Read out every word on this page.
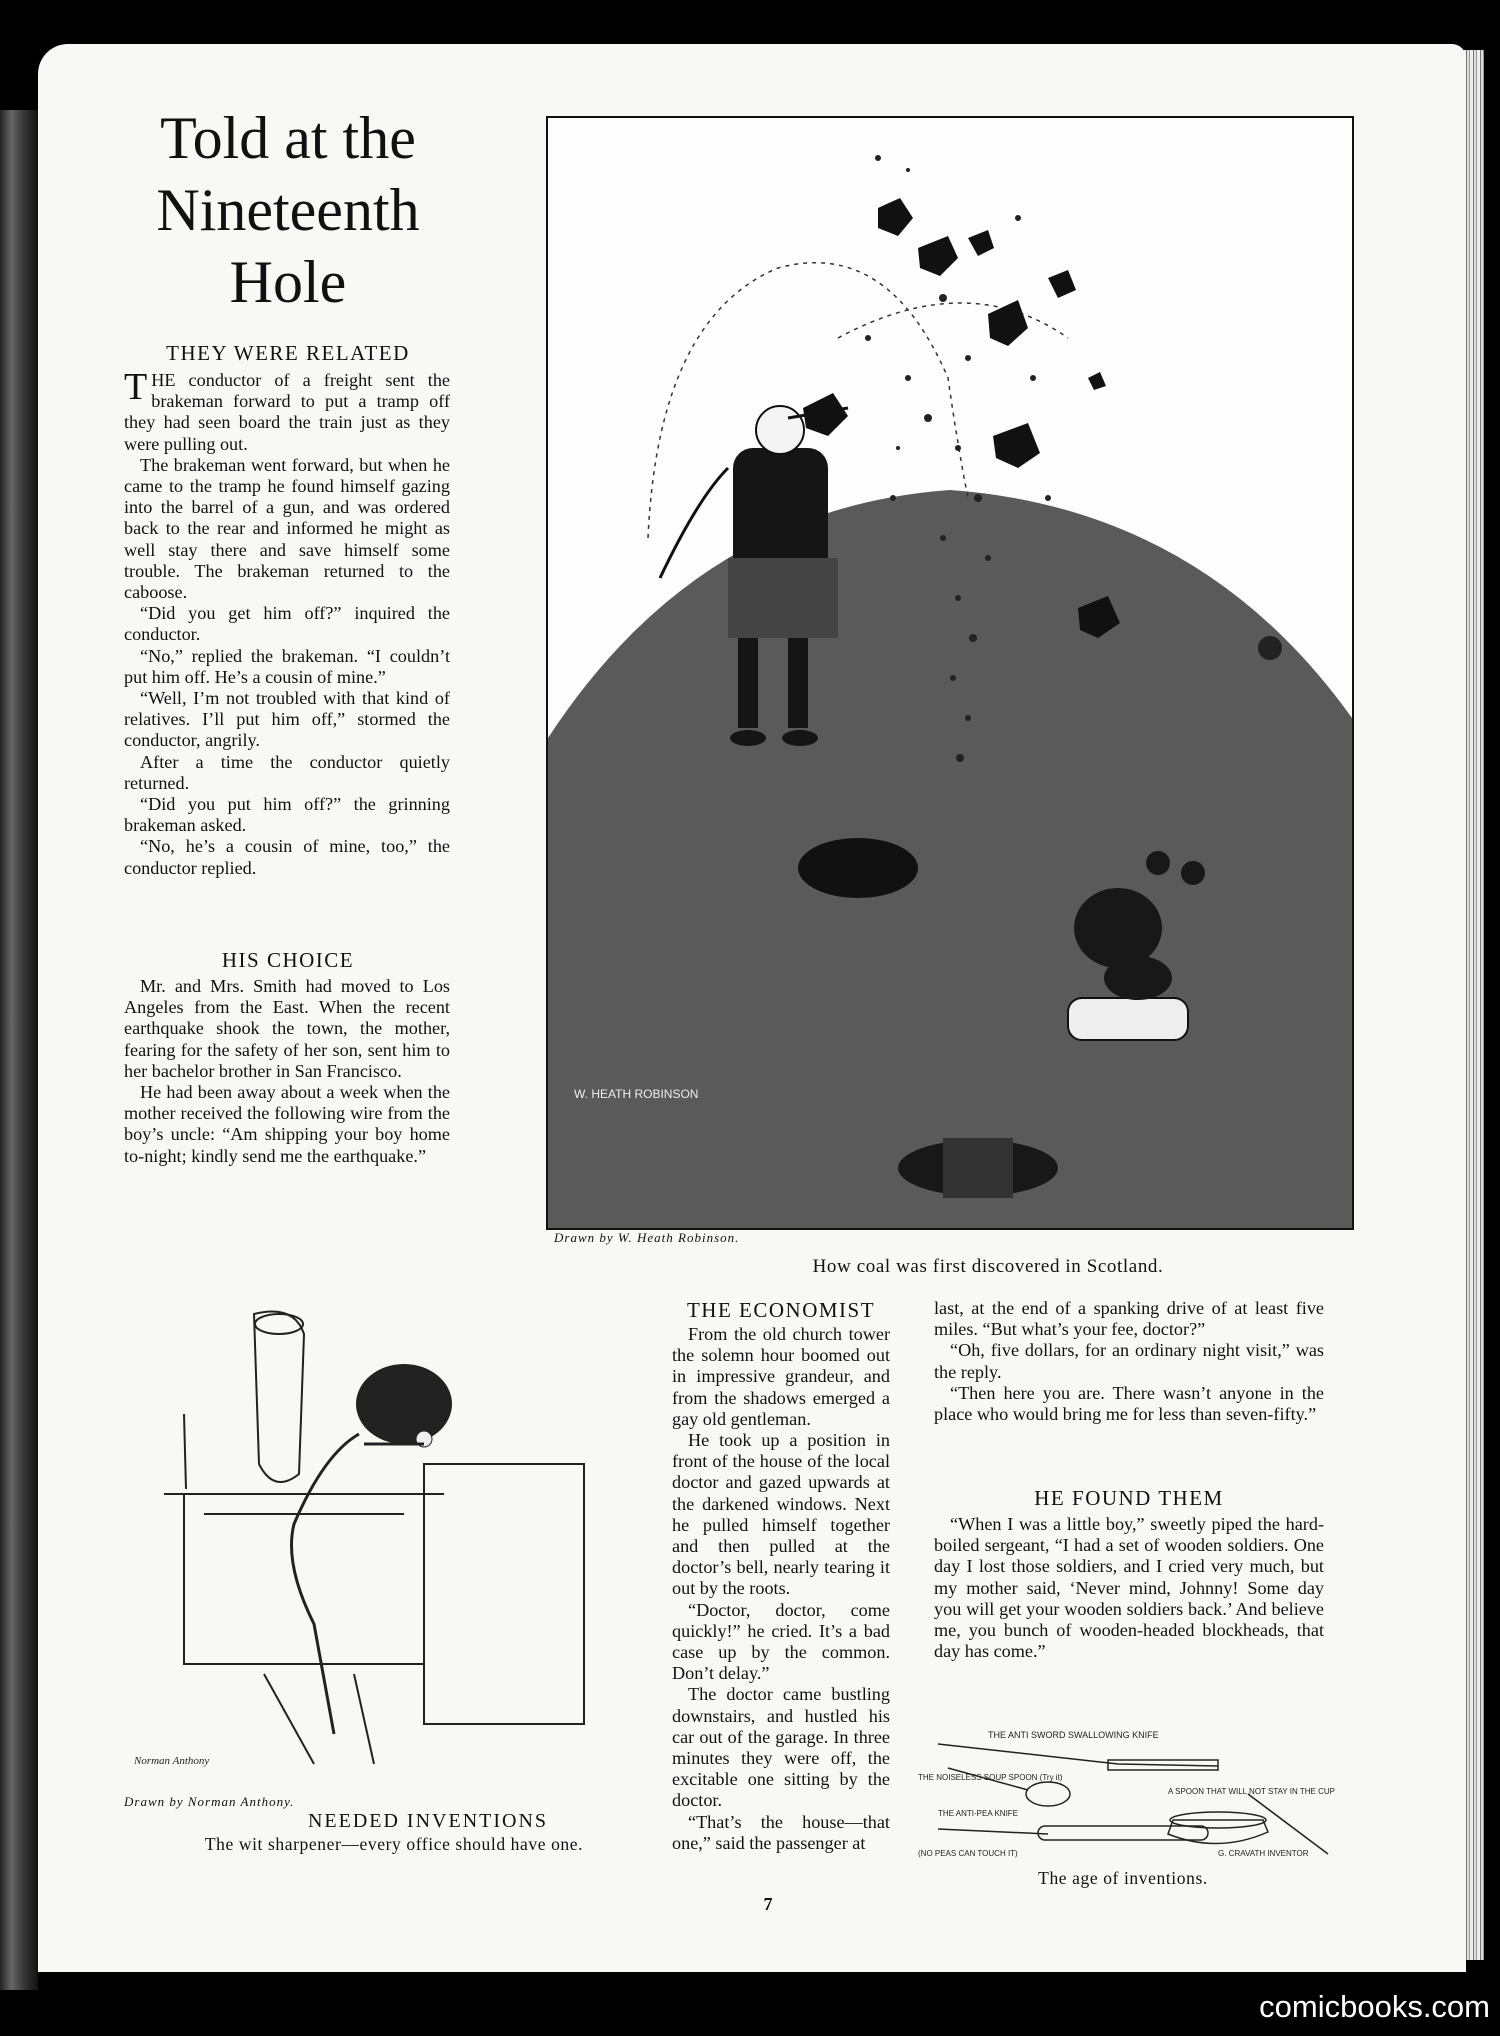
Told at the Nineteenth Hole
THEY WERE RELATED

THE conductor of a freight sent the brakeman forward to put a tramp off they had seen board the train just as they were pulling out.

The brakeman went forward, but when he came to the tramp he found himself gazing into the barrel of a gun, and was ordered back to the rear and informed he might as well stay there and save himself some trouble. The brakeman returned to the caboose.

“Did you get him off?” inquired the conductor.

“No,” replied the brakeman. “I couldn’t put him off. He’s a cousin of mine.”

“Well, I’m not troubled with that kind of relatives. I’ll put him off,” stormed the conductor, angrily.

After a time the conductor quietly returned.

“Did you put him off?” the grinning brakeman asked.

“No, he’s a cousin of mine, too,” the conductor replied.

HIS CHOICE

Mr. and Mrs. Smith had moved to Los Angeles from the East. When the recent earthquake shook the town, the mother, fearing for the safety of her son, sent him to her bachelor brother in San Francisco.

He had been away about a week when the mother received the following wire from the boy’s uncle: “Am shipping your boy home to-night; kindly send me the earthquake.”

W. HEATH ROBINSON
Drawn by W. Heath Robinson.
How coal was first discovered in Scotland.
Norman Anthony
Drawn by Norman Anthony.
NEEDED INVENTIONS
The wit sharpener—every office should have one.
THE ECONOMIST

From the old church tower the solemn hour boomed out in impressive grandeur, and from the shadows emerged a gay old gentleman.

He took up a position in front of the house of the local doctor and gazed upwards at the darkened windows. Next he pulled himself together and then pulled at the doctor’s bell, nearly tearing it out by the roots.

“Doctor, doctor, come quickly!” he cried. It’s a bad case up by the common. Don’t delay.”

The doctor came bustling downstairs, and hustled his car out of the garage. In three minutes they were off, the excitable one sitting by the doctor.

“That’s the house—that one,” said the passenger at

last, at the end of a spanking drive of at least five miles. “But what’s your fee, doctor?”

“Oh, five dollars, for an ordinary night visit,” was the reply.

“Then here you are. There wasn’t anyone in the place who would bring me for less than seven-fifty.”

HE FOUND THEM

“When I was a little boy,” sweetly piped the hard-boiled sergeant, “I had a set of wooden soldiers. One day I lost those soldiers, and I cried very much, but my mother said, ‘Never mind, Johnny! Some day you will get your wooden soldiers back.’ And believe me, you bunch of wooden-headed blockheads, that day has come.”

THE ANTI SWORD SWALLOWING KNIFE
THE NOISELESS SOUP SPOON (Try it)
A SPOON THAT WILL NOT STAY IN THE CUP
THE ANTI-PEA KNIFE
(NO PEAS CAN TOUCH IT)	G. CRAVATH INVENTOR
The age of inventions.
7
comicbooks.com
